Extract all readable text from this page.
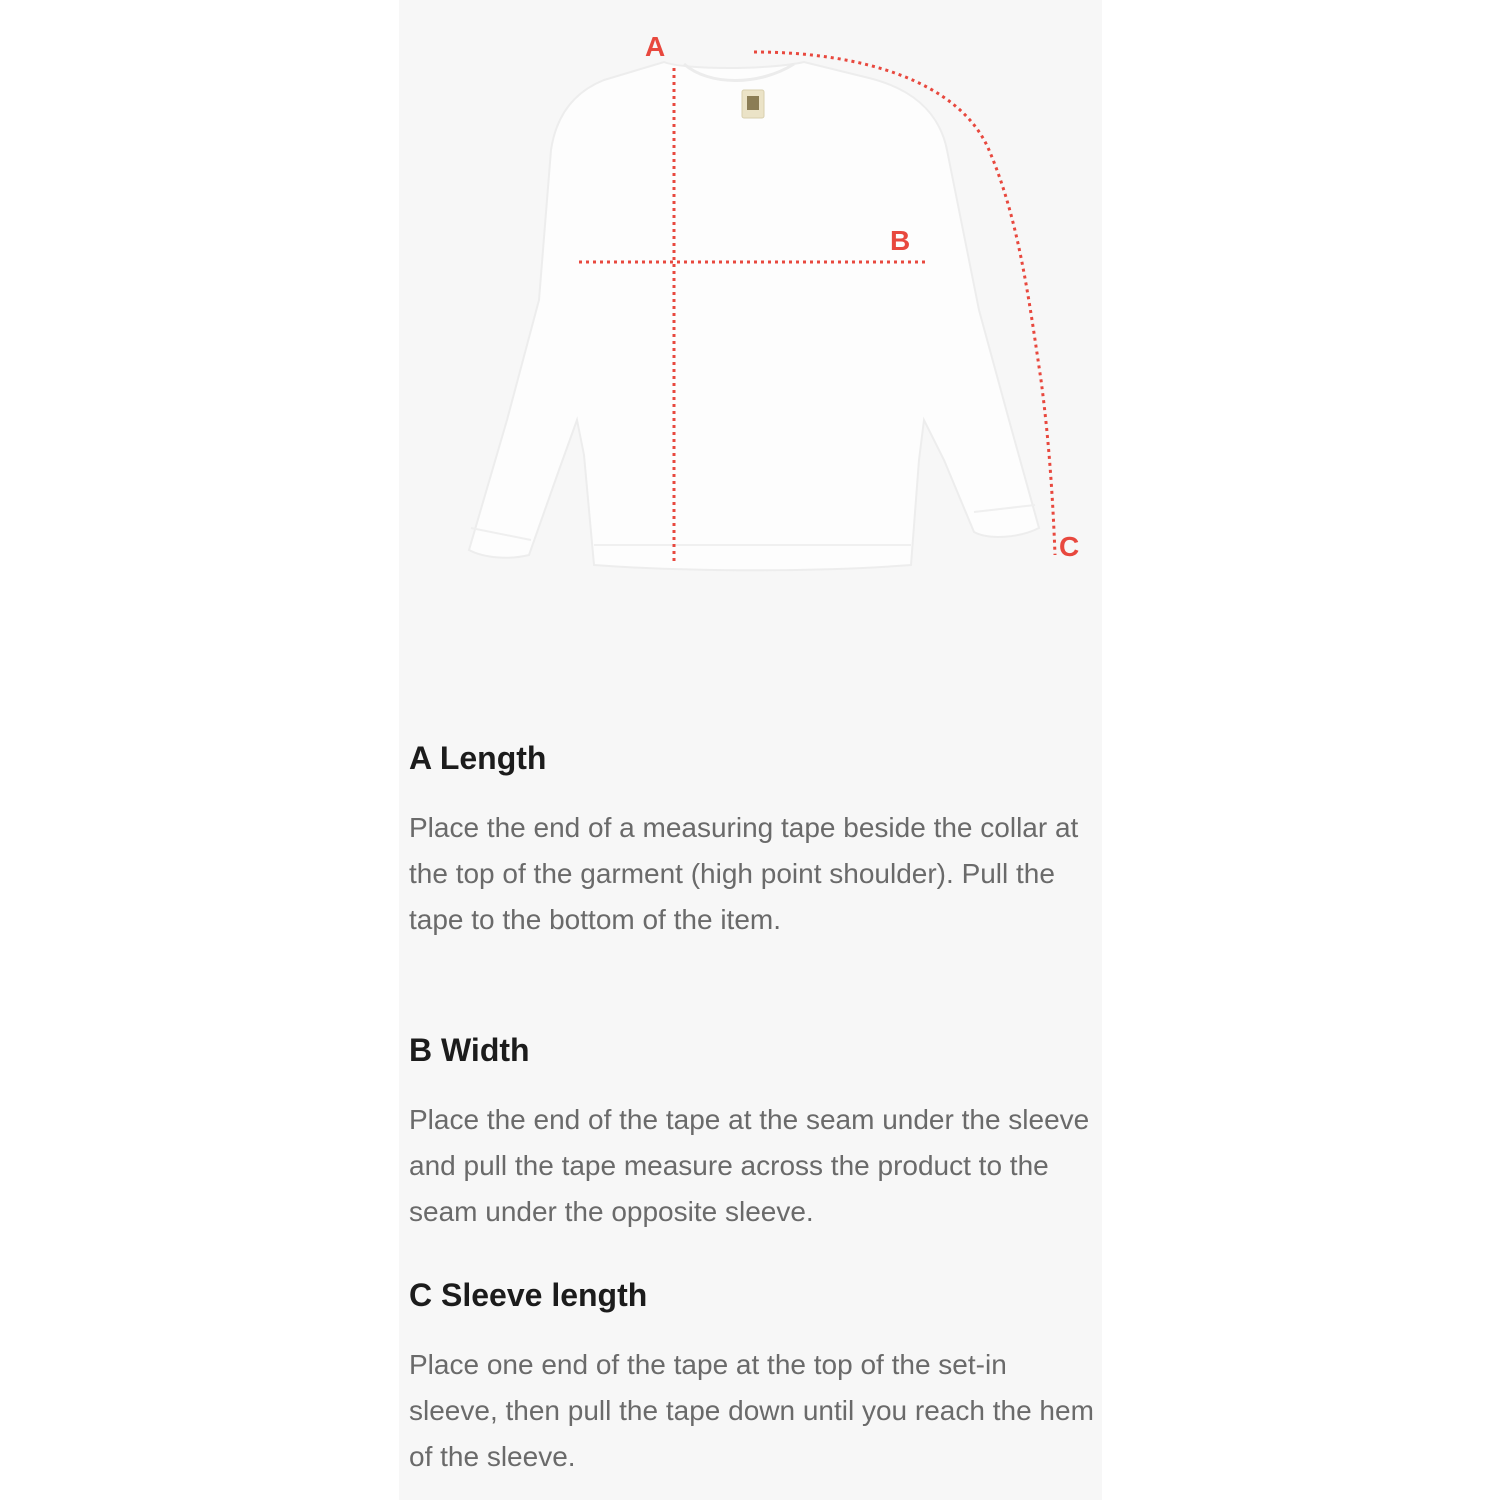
A
B
C
A Length

Place the end of a measuring tape beside the collar at the top of the garment (high point shoulder). Pull the tape to the bottom of the item.

B Width

Place the end of the tape at the seam under the sleeve and pull the tape measure across the product to the seam under the opposite sleeve.

C Sleeve length

Place one end of the tape at the top of the set-in sleeve, then pull the tape down until you reach the hem of the sleeve.
